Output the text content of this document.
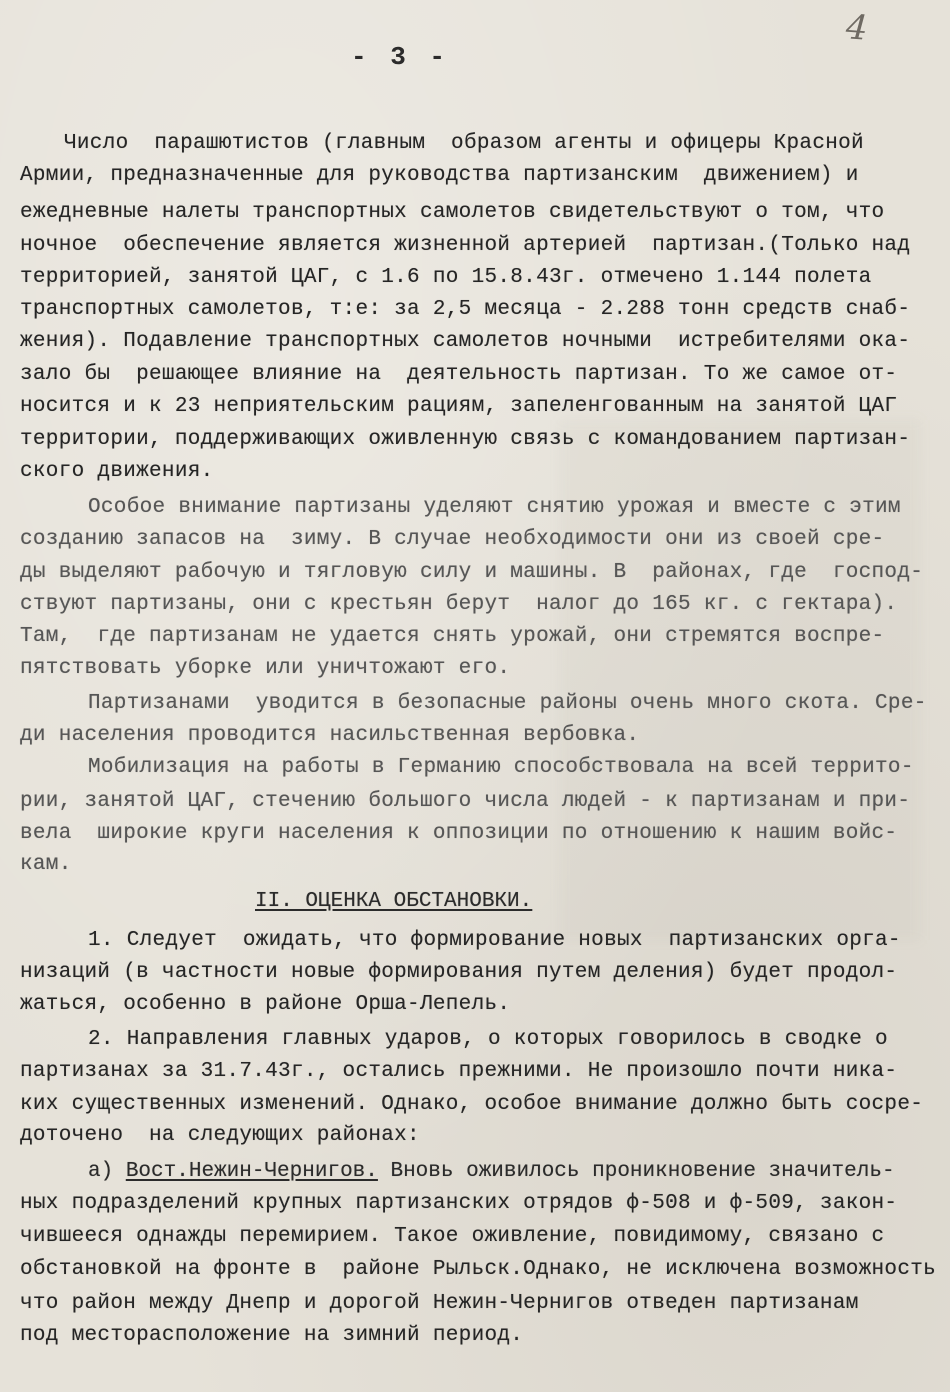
- 3 -
4
Число  парашютистов (главным  образом агенты и офицеры Красной
Армии, предназначенные для руководства партизанским  движением) и
ежедневные налеты транспортных самолетов свидетельствуют о том, что
ночное  обеспечение является жизненной артерией  партизан.(Только над
территорией, занятой ЦАГ, с 1.6 по 15.8.43г. отмечено 1.144 полета
транспортных самолетов, т:е: за 2,5 месяца - 2.288 тонн средств снаб-
жения). Подавление транспортных самолетов ночными  истребителями ока-
зало бы  решающее влияние на  деятельность партизан. То же самое от-
носится и к 23 неприятельским рациям, запеленгованным на занятой ЦАГ
территории, поддерживающих оживленную связь с командованием партизан-
ского движения.
Особое внимание партизаны уделяют снятию урожая и вместе с этим
созданию запасов на  зиму. В случае необходимости они из своей сре-
ды выделяют рабочую и тягловую силу и машины. В  районах, где  господ-
ствуют партизаны, они с крестьян берут  налог до 165 кг. с гектара).
Там,  где партизанам не удается снять урожай, они стремятся воспре-
пятствовать уборке или уничтожают его.
Партизанами  уводится в безопасные районы очень много скота. Сре-
ди населения проводится насильственная вербовка.
Мобилизация на работы в Германию способствовала на всей террито-
рии, занятой ЦАГ, стечению большого числа людей - к партизанам и при-
вела  широкие круги населения к оппозиции по отношению к нашим войс-
кам.
II. ОЦЕНКА ОБСТАНОВКИ.
1. Следует  ожидать, что формирование новых  партизанских орга-
низаций (в частности новые формирования путем деления) будет продол-
жаться, особенно в районе Орша-Лепель.
2. Направления главных ударов, о которых говорилось в сводке о
партизанах за 31.7.43г., остались прежними. Не произошло почти ника-
ких существенных изменений. Однако, особое внимание должно быть сосре-
доточено  на следующих районах:
а) Вост.Нежин-Чернигов. Вновь оживилось проникновение значитель-
ных подразделений крупных партизанских отрядов ф-508 и ф-509, закон-
чившееся однажды перемирием. Такое оживление, повидимому, связано с
обстановкой на фронте в  районе Рыльск.Однако, не исключена возможность
что район между Днепр и дорогой Нежин-Чернигов отведен партизанам
под месторасположение на зимний период.
